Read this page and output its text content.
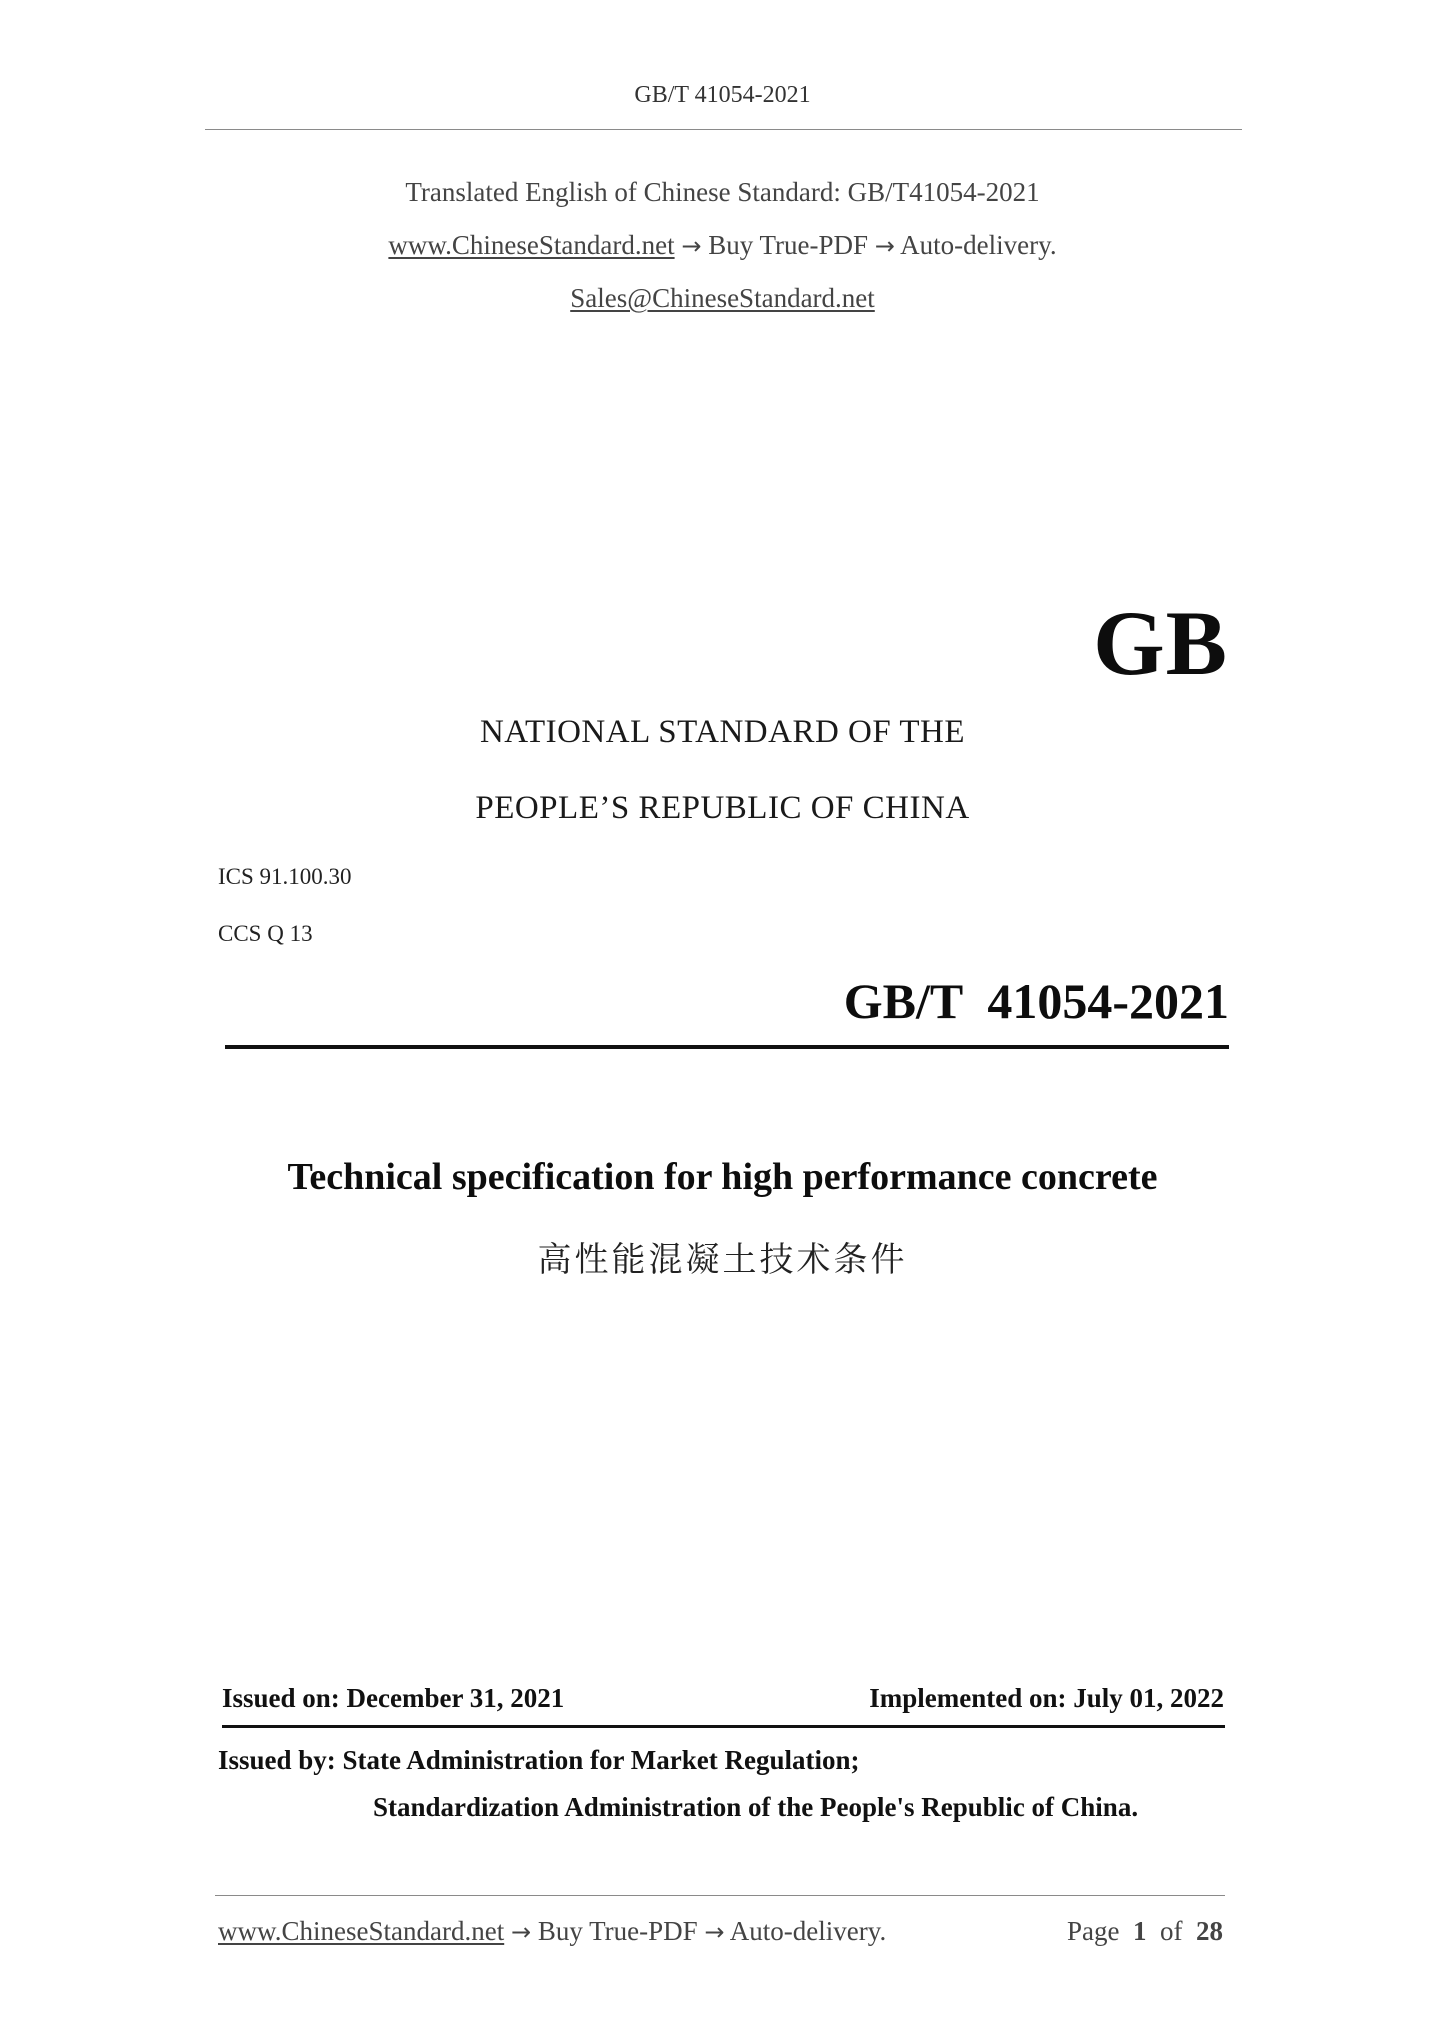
GB/T 41054-2021
Translated English of Chinese Standard: GB/T41054-2021
www.ChineseStandard.net → Buy True-PDF → Auto-delivery.
Sales@ChineseStandard.net
GB
NATIONAL STANDARD OF THE
PEOPLE’S REPUBLIC OF CHINA
ICS 91.100.30
CCS Q 13
GB/T 41054-2021
Technical specification for high performance concrete
高性能混凝土技术条件
Issued on: December 31, 2021	Implemented on: July 01, 2022
Issued by: State Administration for Market Regulation;
Standardization Administration of the People's Republic of China.
www.ChineseStandard.net → Buy True-PDF → Auto-delivery.	Page 1 of 28
